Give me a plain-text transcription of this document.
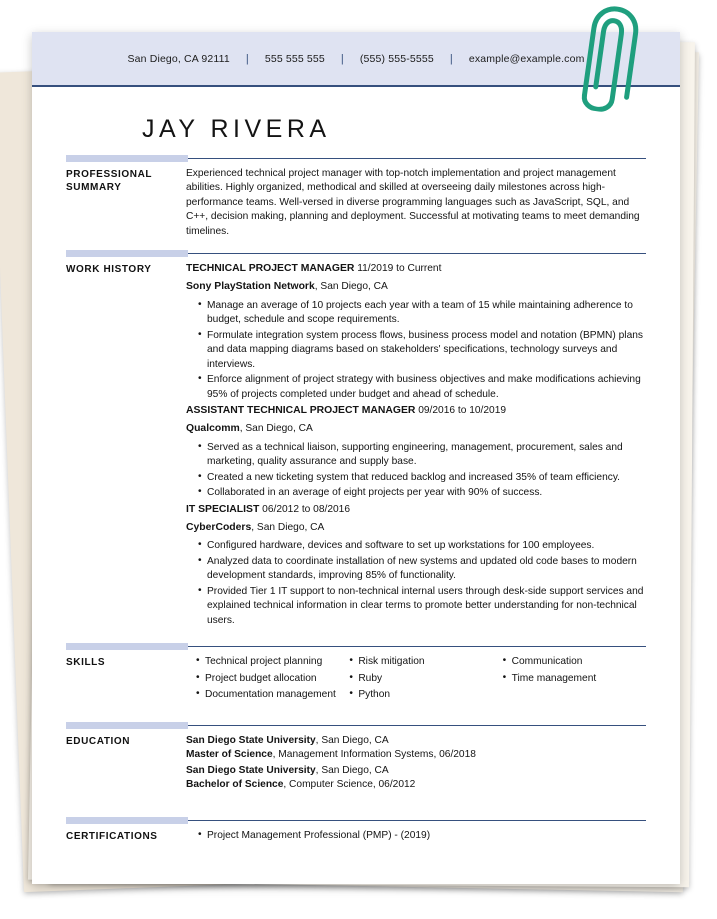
San Diego, CA 92111	|	555 555 555	|	(555) 555-5555	|	example@example.com
JAY RIVERA
PROFESSIONAL SUMMARY

Experienced technical project manager with top-notch implementation and project management abilities. Highly organized, methodical and skilled at overseeing daily milestones across high-performance teams. Well-versed in diverse programming languages such as JavaScript, SQL, and C++, decision making, planning and deployment. Successful at motivating teams to meet demanding timelines.

WORK HISTORY	TECHNICAL PROJECT MANAGER 11/2019 to Current

Sony PlayStation Network, San Diego, CA

• Manage an average of 10 projects each year with a team of 15 while maintaining adherence to budget, schedule and scope requirements.
• Formulate integration system process flows, business process model and notation (BPMN) plans and data mapping diagrams based on stakeholders' specifications, technology surveys and interviews.
• Enforce alignment of project strategy with business objectives and make modifications achieving 95% of projects completed under budget and ahead of schedule.

ASSISTANT TECHNICAL PROJECT MANAGER 09/2016 to 10/2019

Qualcomm, San Diego, CA

• Served as a technical liaison, supporting engineering, management, procurement, sales and marketing, quality assurance and supply base.
• Created a new ticketing system that reduced backlog and increased 35% of team efficiency.
• Collaborated in an average of eight projects per year with 90% of success.

IT SPECIALIST 06/2012 to 08/2016

CyberCoders, San Diego, CA

• Configured hardware, devices and software to set up workstations for 100 employees.
• Analyzed data to coordinate installation of new systems and updated old code bases to modern development standards, improving 85% of functionality.
• Provided Tier 1 IT support to non-technical internal users through desk-side support services and explained technical information in clear terms to promote better understanding for non-technical users.
SKILLS	• Technical project planning
• Project budget allocation
• Documentation management
• Risk mitigation
• Ruby
• Python
• Communication
• Time management
EDUCATION	San Diego State University, San Diego, CA

Master of Science, Management Information Systems, 06/2018

San Diego State University, San Diego, CA

Bachelor of Science, Computer Science, 06/2012

CERTIFICATIONS	• Project Management Professional (PMP) - (2019)
